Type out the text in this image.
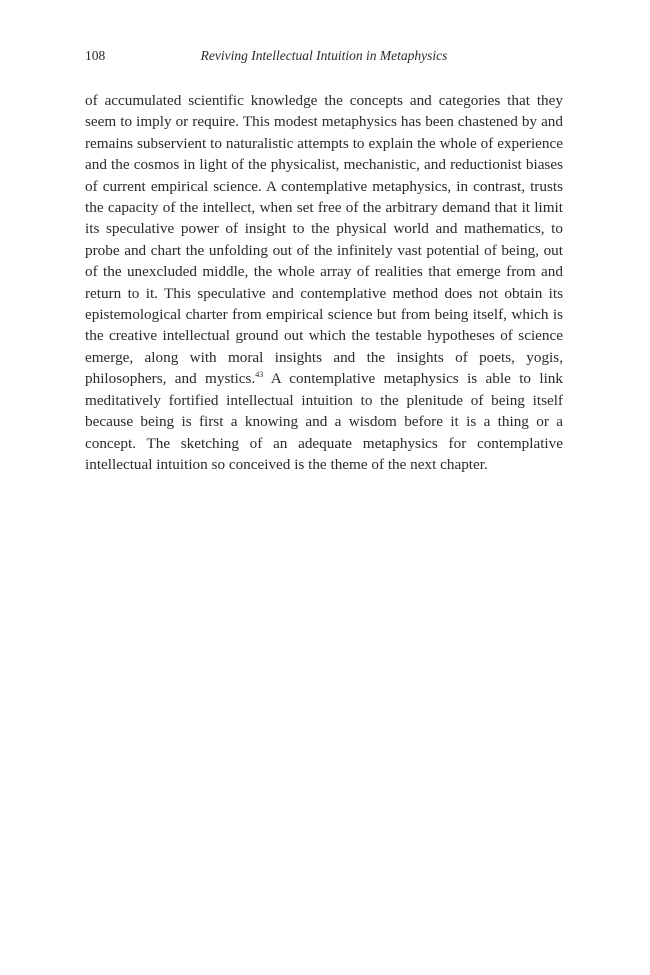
108	Reviving Intellectual Intuition in Metaphysics

of accumulated scientific knowledge the concepts and categories that they seem to imply or require. This modest metaphysics has been chastened by and remains subservient to naturalistic attempts to explain the whole of experience and the cosmos in light of the physicalist, mechanistic, and reductionist biases of current empirical science. A contemplative metaphysics, in contrast, trusts the capacity of the intellect, when set free of the arbitrary demand that it limit its speculative power of insight to the physical world and mathematics, to probe and chart the unfolding out of the infinitely vast potential of being, out of the unexcluded middle, the whole array of realities that emerge from and return to it. This speculative and contemplative method does not obtain its epistemological charter from empirical science but from being itself, which is the creative intellectual ground out which the testable hypotheses of science emerge, along with moral insights and the insights of poets, yogis, philosophers, and mystics.$^{43}$ A contemplative metaphysics is able to link meditatively fortified intellectual intuition to the plenitude of being itself because being is first a knowing and a wisdom before it is a thing or a concept. The sketching of an adequate metaphysics for contemplative intellectual intuition so conceived is the theme of the next chapter.
